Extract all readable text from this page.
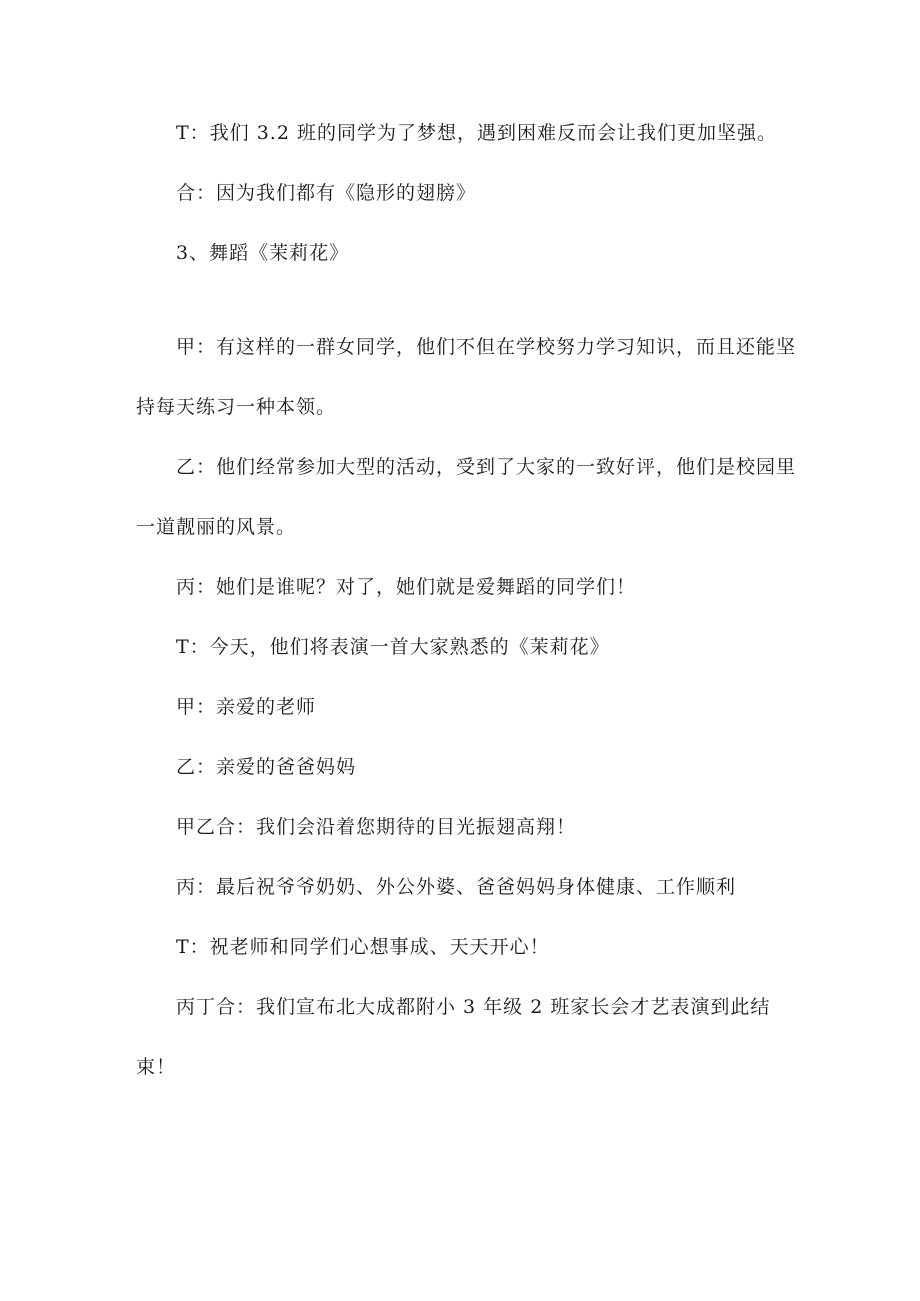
T：我们 3.2 班的同学为了梦想，遇到困难反而会让我们更加坚强。

合：因为我们都有《隐形的翅膀》

3、舞蹈《茉莉花》

甲：有这样的一群女同学，他们不但在学校努力学习知识，而且还能坚持每天练习一种本领。

乙：他们经常参加大型的活动，受到了大家的一致好评，他们是校园里一道靓丽的风景。

丙：她们是谁呢？对了，她们就是爱舞蹈的同学们！

T：今天，他们将表演一首大家熟悉的《茉莉花》

甲：亲爱的老师

乙：亲爱的爸爸妈妈

甲乙合：我们会沿着您期待的目光振翅高翔！

丙：最后祝爷爷奶奶、外公外婆、爸爸妈妈身体健康、工作顺利

T：祝老师和同学们心想事成、天天开心！

丙丁合：我们宣布北大成都附小 3 年级 2 班家长会才艺表演到此结束！
